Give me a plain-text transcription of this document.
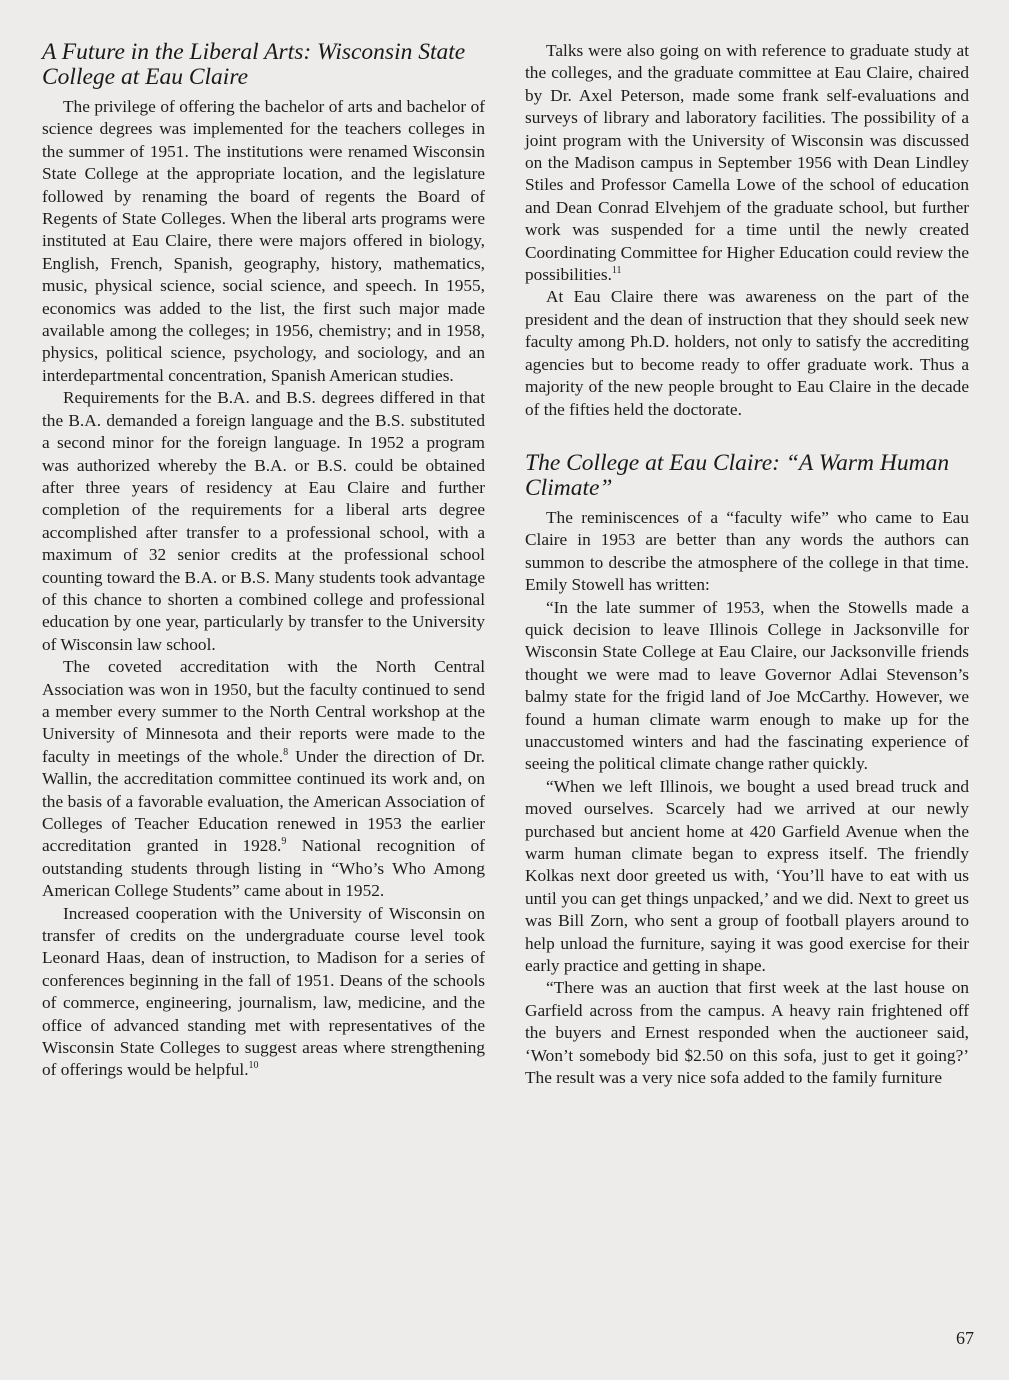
A Future in the Liberal Arts: Wisconsin State College at Eau Claire

The privilege of offering the bachelor of arts and bachelor of science degrees was implemented for the teachers colleges in the summer of 1951. The institutions were renamed Wisconsin State College at the appropriate location, and the legislature followed by renaming the board of regents the Board of Regents of State Colleges. When the liberal arts programs were instituted at Eau Claire, there were majors offered in biology, English, French, Spanish, geography, history, mathematics, music, physical science, social science, and speech. In 1955, economics was added to the list, the first such major made available among the colleges; in 1956, chemistry; and in 1958, physics, political science, psychology, and sociology, and an interdepartmental concentration, Spanish American studies.

Requirements for the B.A. and B.S. degrees differed in that the B.A. demanded a foreign language and the B.S. substituted a second minor for the foreign language. In 1952 a program was authorized whereby the B.A. or B.S. could be obtained after three years of residency at Eau Claire and further completion of the requirements for a liberal arts degree accomplished after transfer to a professional school, with a maximum of 32 senior credits at the professional school counting toward the B.A. or B.S. Many students took advantage of this chance to shorten a combined college and professional education by one year, particularly by transfer to the University of Wisconsin law school.

The coveted accreditation with the North Central Association was won in 1950, but the faculty continued to send a member every summer to the North Central workshop at the University of Minnesota and their reports were made to the faculty in meetings of the whole.$^8$ Under the direction of Dr. Wallin, the accreditation committee continued its work and, on the basis of a favorable evaluation, the American Association of Colleges of Teacher Education renewed in 1953 the earlier accreditation granted in 1928.$^9$ National recognition of outstanding students through listing in “Who’s Who Among American College Students” came about in 1952.

Increased cooperation with the University of Wisconsin on transfer of credits on the undergraduate course level took Leonard Haas, dean of instruction, to Madison for a series of conferences beginning in the fall of 1951. Deans of the schools of commerce, engineering, journalism, law, medicine, and the office of advanced standing met with representatives of the Wisconsin State Colleges to suggest areas where strengthening of offerings would be helpful.$^{10}$

Talks were also going on with reference to graduate study at the colleges, and the graduate committee at Eau Claire, chaired by Dr. Axel Peterson, made some frank self-evaluations and surveys of library and laboratory facilities. The possibility of a joint program with the University of Wisconsin was discussed on the Madison campus in September 1956 with Dean Lindley Stiles and Professor Camella Lowe of the school of education and Dean Conrad Elvehjem of the graduate school, but further work was suspended for a time until the newly created Coordinating Committee for Higher Education could review the possibilities.$^{11}$

At Eau Claire there was awareness on the part of the president and the dean of instruction that they should seek new faculty among Ph.D. holders, not only to satisfy the accrediting agencies but to become ready to offer graduate work. Thus a majority of the new people brought to Eau Claire in the decade of the fifties held the doctorate.

The College at Eau Claire: “A Warm Human Climate”

The reminiscences of a “faculty wife” who came to Eau Claire in 1953 are better than any words the authors can summon to describe the atmosphere of the college in that time. Emily Stowell has written:

“In the late summer of 1953, when the Stowells made a quick decision to leave Illinois College in Jacksonville for Wisconsin State College at Eau Claire, our Jacksonville friends thought we were mad to leave Governor Adlai Stevenson’s balmy state for the frigid land of Joe McCarthy. However, we found a human climate warm enough to make up for the unaccustomed winters and had the fascinating experience of seeing the political climate change rather quickly.

“When we left Illinois, we bought a used bread truck and moved ourselves. Scarcely had we arrived at our newly purchased but ancient home at 420 Garfield Avenue when the warm human climate began to express itself. The friendly Kolkas next door greeted us with, ‘You’ll have to eat with us until you can get things unpacked,’ and we did. Next to greet us was Bill Zorn, who sent a group of football players around to help unload the furniture, saying it was good exercise for their early practice and getting in shape.

“There was an auction that first week at the last house on Garfield across from the campus. A heavy rain frightened off the buyers and Ernest responded when the auctioneer said, ‘Won’t somebody bid $2.50 on this sofa, just to get it going?’ The result was a very nice sofa added to the family furniture

67
